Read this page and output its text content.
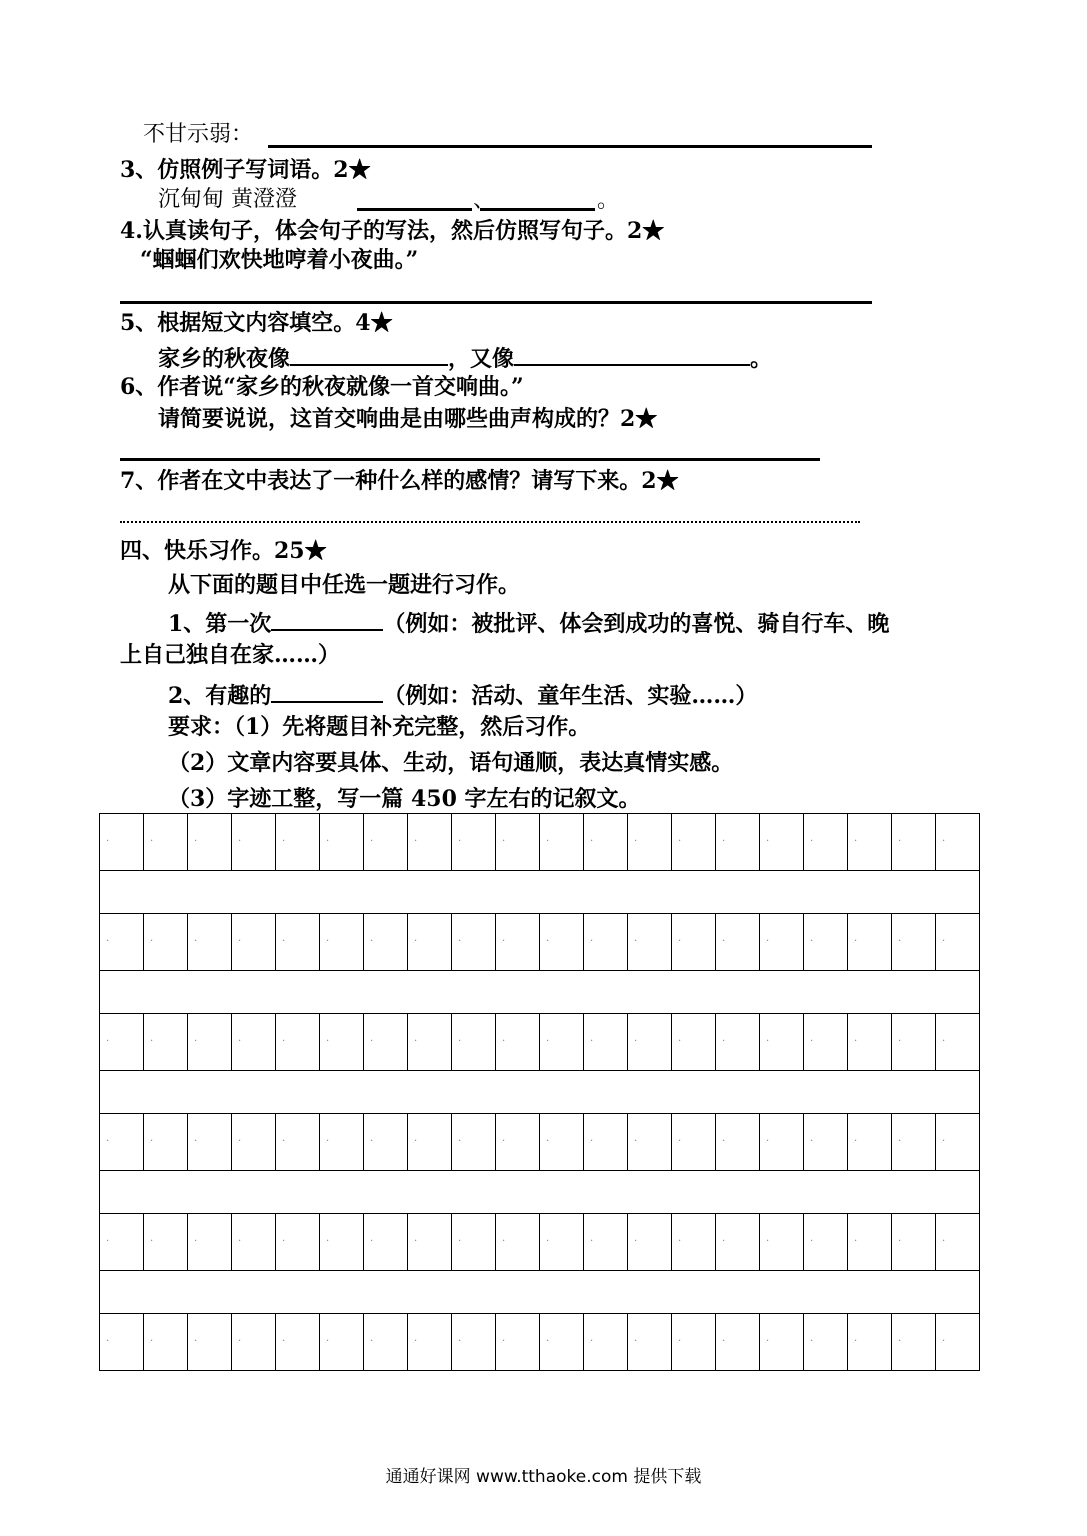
不甘示弱：
3、仿照例子写词语。2★
沉甸甸 黄澄澄	、	。
4.认真读句子，体会句子的写法，然后仿照写句子。2★
“蝈蝈们欢快地哼着小夜曲。”
5、根据短文内容填空。4★
家乡的秋夜像	，又像	。
6、作者说“家乡的秋夜就像一首交响曲。”
请简要说说，这首交响曲是由哪些曲声构成的？2★
7、作者在文中表达了一种什么样的感情？请写下来。2★
四、快乐习作。25★
从下面的题目中任选一题进行习作。
1、第一次	（例如：被批评、体会到成功的喜悦、骑自行车、晚
上自己独自在家……）
2、有趣的	（例如：活动、童年生活、实验……）
要求：（1）先将题目补充完整，然后习作。
（2）文章内容要具体、生动，语句通顺，表达真情实感。
（3）字迹工整，写一篇 450 字左右的记叙文。
·
·
·
·
·
·
·
·
·
·
·
·
·
·
·
·
·
·
·
·
·
·
·
·
·
·
·
·
·
·
·
·
·
·
·
·
·
·
·
·
·
·
·
·
·
·
·
·
·
·
·
·
·
·
·
·
·
·
·
·
·
·
·
·
·
·
·
·
·
·
·
·
·
·
·
·
·
·
·
·
·
·
·
·
·
·
·
·
·
·
·
·
·
·
·
·
·
·
·
·
·
·
·
·
·
·
·
·
·
·
·
·
·
·
·
·
·
·
·
·
通通好课网 www.tthaoke.com 提供下载
